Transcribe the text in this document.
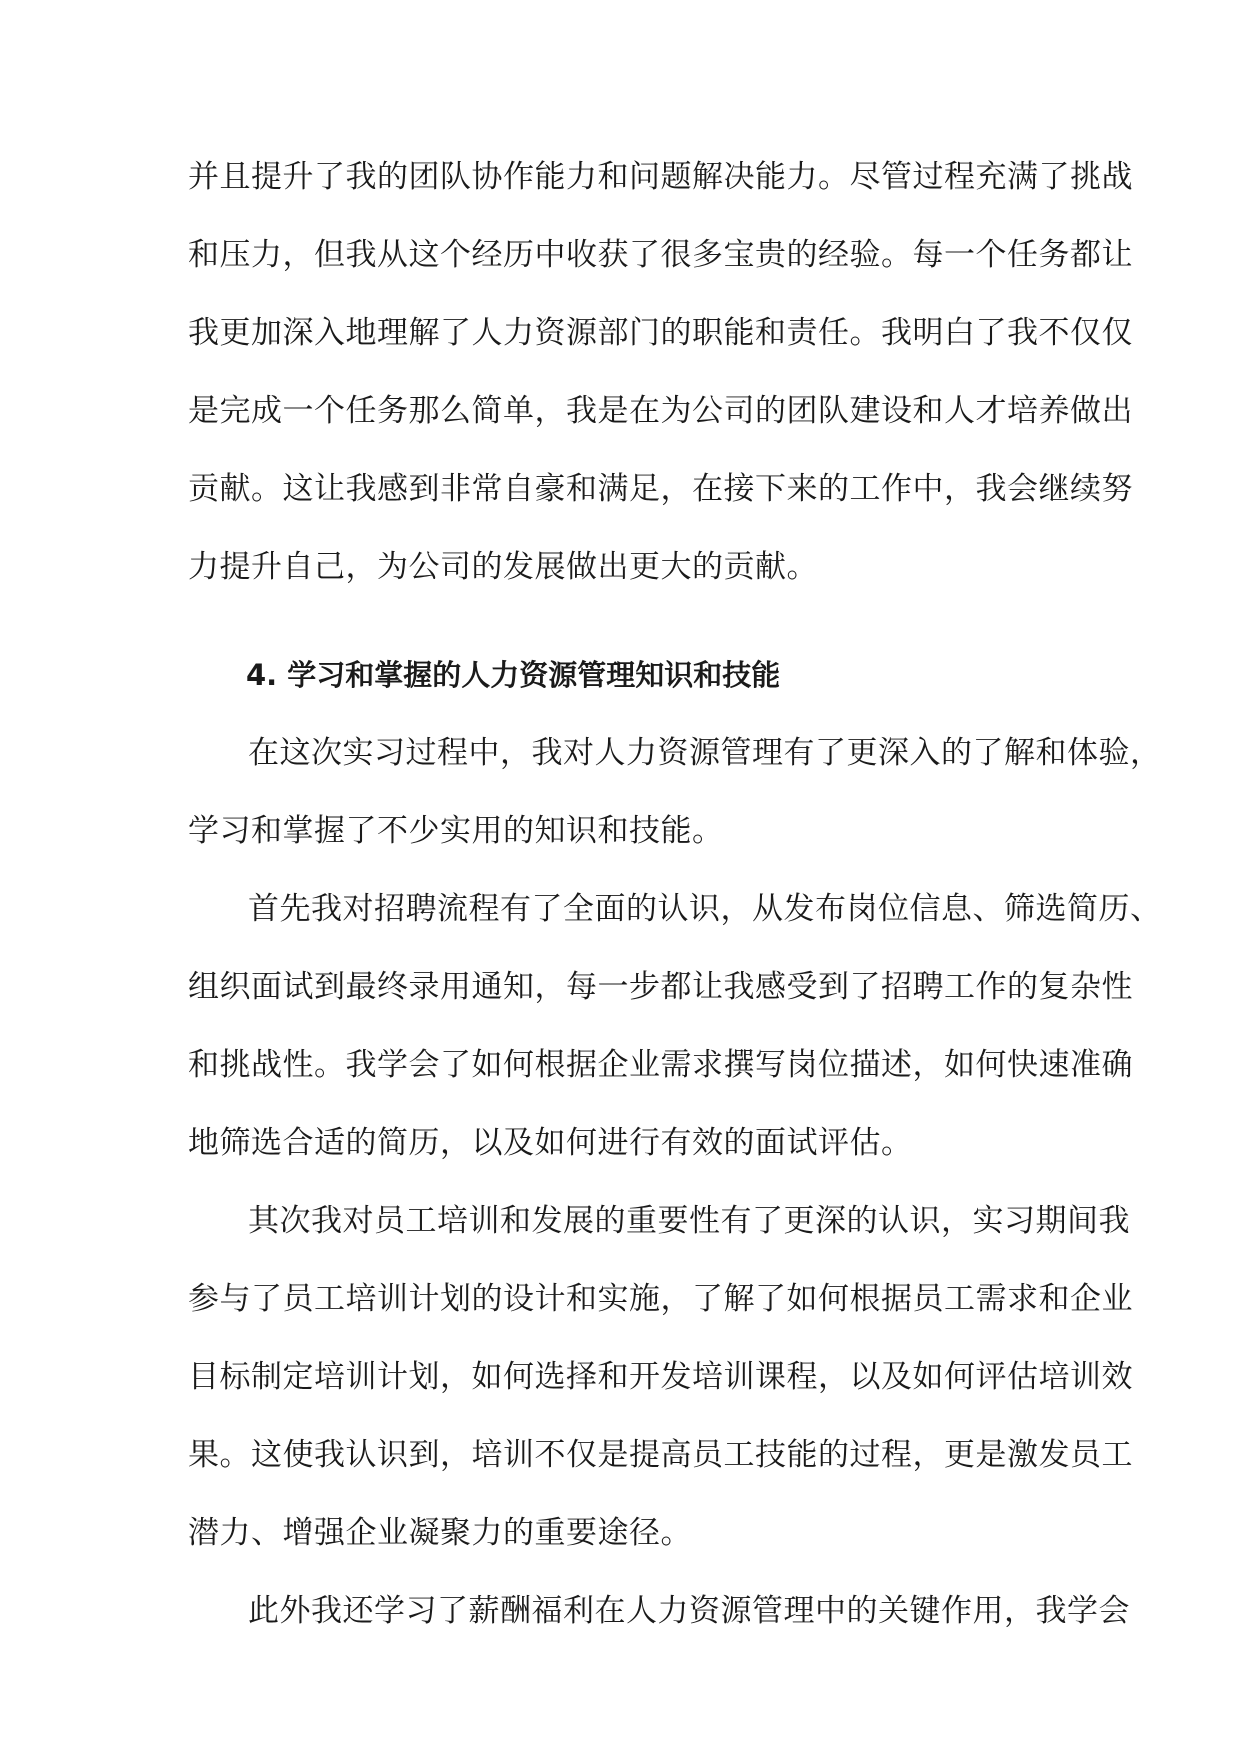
并且提升了我的团队协作能力和问题解决能力。尽管过程充满了挑战
和压力，但我从这个经历中收获了很多宝贵的经验。每一个任务都让
我更加深入地理解了人力资源部门的职能和责任。我明白了我不仅仅
是完成一个任务那么简单，我是在为公司的团队建设和人才培养做出
贡献。这让我感到非常自豪和满足，在接下来的工作中，我会继续努
力提升自己，为公司的发展做出更大的贡献。
4. 学习和掌握的人力资源管理知识和技能
在这次实习过程中，我对人力资源管理有了更深入的了解和体验，
学习和掌握了不少实用的知识和技能。
首先我对招聘流程有了全面的认识，从发布岗位信息、筛选简历、
组织面试到最终录用通知，每一步都让我感受到了招聘工作的复杂性
和挑战性。我学会了如何根据企业需求撰写岗位描述，如何快速准确
地筛选合适的简历，以及如何进行有效的面试评估。
其次我对员工培训和发展的重要性有了更深的认识，实习期间我
参与了员工培训计划的设计和实施，了解了如何根据员工需求和企业
目标制定培训计划，如何选择和开发培训课程，以及如何评估培训效
果。这使我认识到，培训不仅是提高员工技能的过程，更是激发员工
潜力、增强企业凝聚力的重要途径。
此外我还学习了薪酬福利在人力资源管理中的关键作用，我学会
